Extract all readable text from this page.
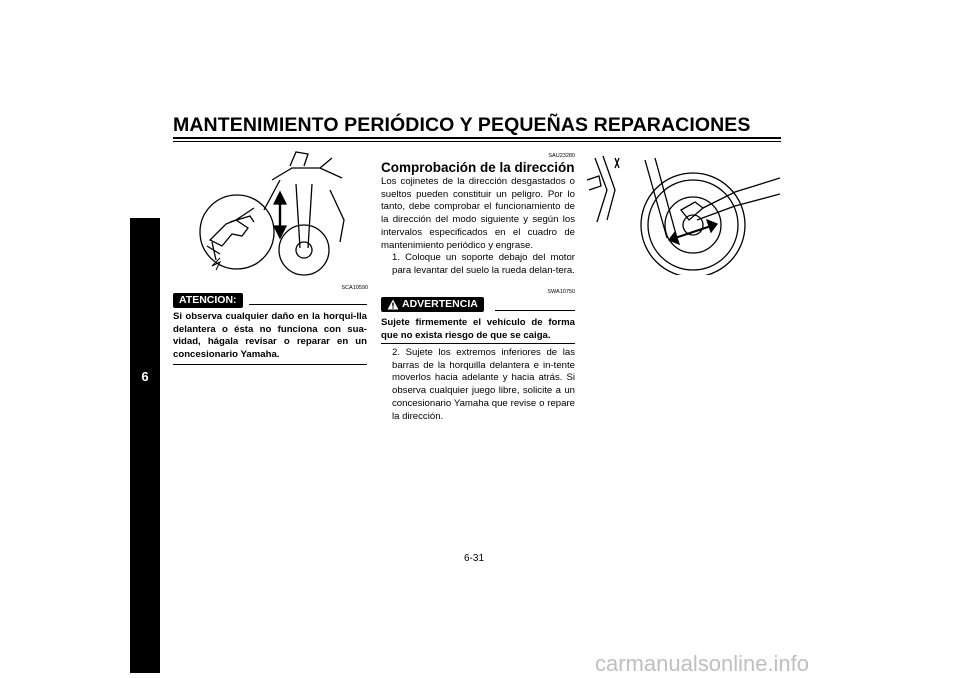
MANTENIMIENTO PERIÓDICO Y PEQUEÑAS REPARACIONES
6
SCA10590
ATENCION:
Si observa cualquier daño en la horqui-lla delantera o ésta no funciona con sua-vidad, hágala revisar o reparar en un concesionario Yamaha.
SAU23280
Comprobación de la dirección
Los cojinetes de la dirección desgastados o sueltos pueden constituir un peligro. Por lo tanto, debe comprobar el funcionamiento de la dirección del modo siguiente y según los intervalos especificados en el cuadro de mantenimiento periódico y engrase.
1. Coloque un soporte debajo del motor para levantar del suelo la rueda delan-tera.
SWA10750
ADVERTENCIA
Sujete firmemente el vehículo de forma que no exista riesgo de que se caiga.
2. Sujete los extremos inferiores de las barras de la horquilla delantera e in-tente moverlos hacia adelante y hacia atrás. Si observa cualquier juego libre, solicite a un concesionario Yamaha que revise o repare la dirección.
6-31
carmanualsonline.info
